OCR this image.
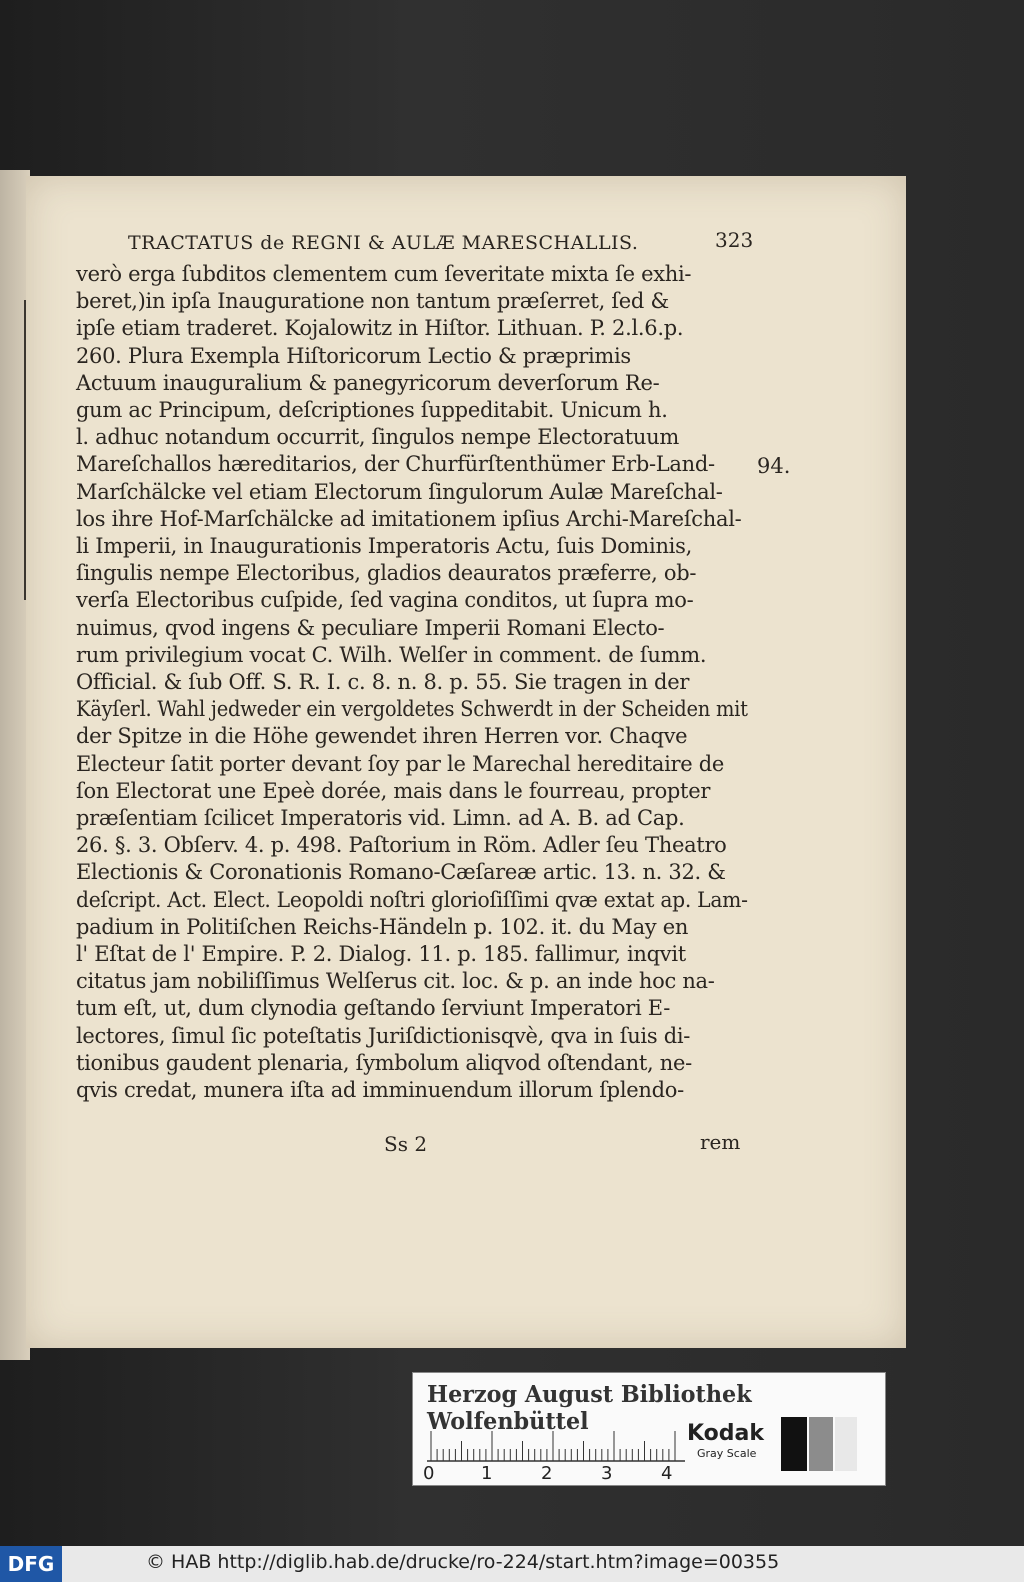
TRACTATUS de REGNI & AULÆ MARESCHALLIS.	323
94.
verò erga ſubditos clementem cum ſeveritate mixta ſe exhi-
beret,)in ipſa Inauguratione non tantum præſerret, ſed &
ipſe etiam traderet. Kojalowitz in Hiſtor. Lithuan. P. 2.l.6.p.
260. Plura Exempla Hiſtoricorum Lectio & præprimis
Actuum inauguralium & panegyricorum deverſorum Re-
gum ac Principum, deſcriptiones ſuppeditabit. Unicum h.
l. adhuc notandum occurrit, ſingulos nempe Electoratuum
Mareſchallos hæreditarios, der Churfürſtenthümer Erb-Land-
Marſchälcke vel etiam Electorum ſingulorum Aulæ Mareſchal-
los ihre Hof-Marſchälcke ad imitationem ipſius Archi-Mareſchal-
li Imperii, in Inaugurationis Imperatoris Actu, ſuis Dominis,
ſingulis nempe Electoribus, gladios deauratos præferre, ob-
verſa Electoribus cuſpide, ſed vagina conditos, ut ſupra mo-
nuimus, qvod ingens & peculiare Imperii Romani Electo-
rum privilegium vocat C. Wilh. Welſer in comment. de ſumm.
Official. & ſub Off. S. R. I. c. 8. n. 8. p. 55. Sie tragen in der
Käyſerl. Wahl jedweder ein vergoldetes Schwerdt in der Scheiden mit
der Spitze in die Höhe gewendet ihren Herren vor. Chaqve
Electeur ſatit porter devant ſoy par le Marechal hereditaire de
ſon Electorat une Epeè dorée, mais dans le fourreau, propter
præſentiam ſcilicet Imperatoris vid. Limn. ad A. B. ad Cap.
26. §. 3. Obſerv. 4. p. 498. Paſtorium in Röm. Adler ſeu Theatro
Electionis & Coronationis Romano-Cæſareæ artic. 13. n. 32. &
deſcript. Act. Elect. Leopoldi noſtri glorioſiſſimi qvæ extat ap. Lam-
padium in Politiſchen Reichs-Händeln p. 102. it. du May en
l' Eſtat de l' Empire. P. 2. Dialog. 11. p. 185. fallimur, inqvit
citatus jam nobiliſſimus Welſerus cit. loc. & p. an inde hoc na-
tum eſt, ut, dum clynodia geſtando ſerviunt Imperatori E-
lectores, ſimul ſic poteſtatis Juriſdictionisqvè, qva in ſuis di-
tionibus gaudent plenaria, ſymbolum aliqvod oſtendant, ne-
qvis credat, munera iſta ad imminuendum illorum ſplendo-
Ss 2	rem
Herzog August Bibliothek Wolfenbüttel
0	1	2	3	4
Kodak
Gray Scale
DFG	© HAB http://diglib.hab.de/drucke/ro-224/start.htm?image=00355
